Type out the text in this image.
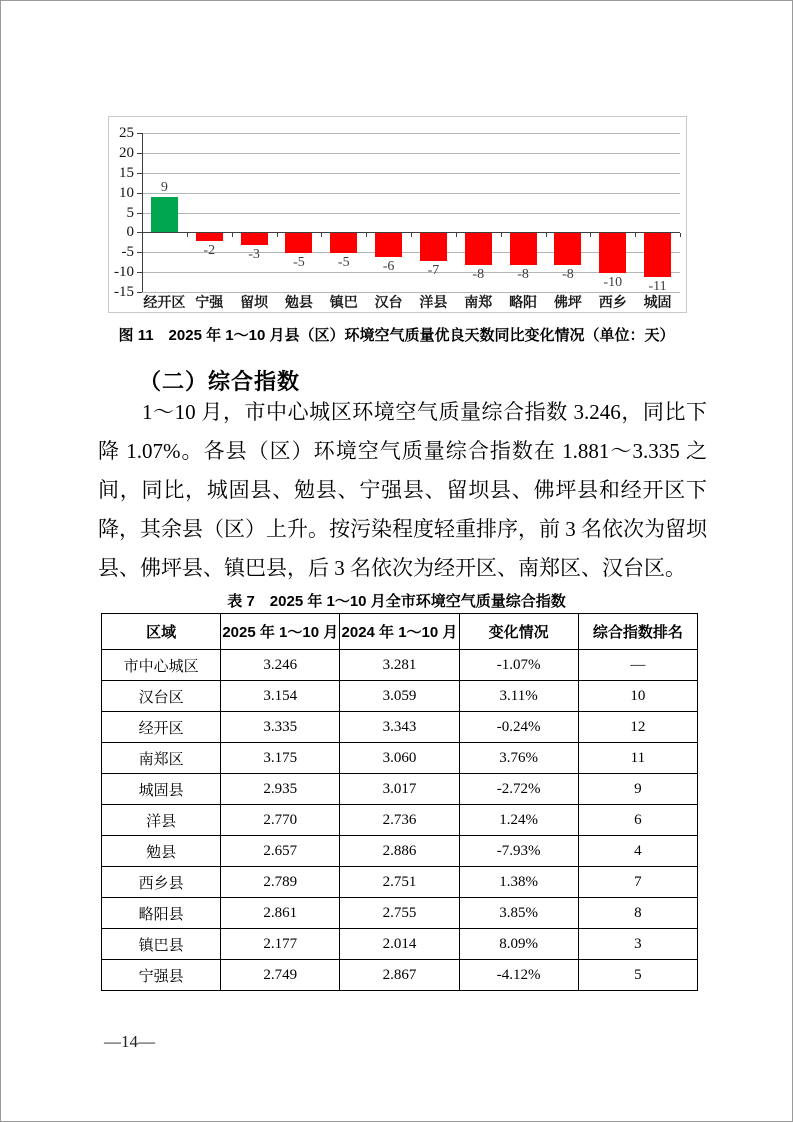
25
20
15
10
5
0
-5
-10
-15
9
经开区
-2
宁强
-3
留坝
-5
勉县
-5
镇巴
-6
汉台
-7
洋县
-8
南郑
-8
略阳
-8
佛坪
-10
西乡
-11
城固
图 11　2025 年 1～10 月县（区）环境空气质量优良天数同比变化情况（单位：天）
（二）综合指数

1～10 月，市中心城区环境空气质量综合指数 3.246，同比下降 1.07%。各县（区）环境空气质量综合指数在 1.881～3.335 之间，同比，城固县、勉县、宁强县、留坝县、佛坪县和经开区下降，其余县（区）上升。按污染程度轻重排序，前 3 名依次为留坝县、佛坪县、镇巴县，后 3 名依次为经开区、南郑区、汉台区。

表 7　2025 年 1～10 月全市环境空气质量综合指数
区域	2025 年 1～10 月	2024 年 1～10 月	变化情况	综合指数排名
市中心城区	3.246	3.281	-1.07%	—
汉台区	3.154	3.059	3.11%	10
经开区	3.335	3.343	-0.24%	12
南郑区	3.175	3.060	3.76%	11
城固县	2.935	3.017	-2.72%	9
洋县	2.770	2.736	1.24%	6
勉县	2.657	2.886	-7.93%	4
西乡县	2.789	2.751	1.38%	7
略阳县	2.861	2.755	3.85%	8
镇巴县	2.177	2.014	8.09%	3
宁强县	2.749	2.867	-4.12%	5
—14—
